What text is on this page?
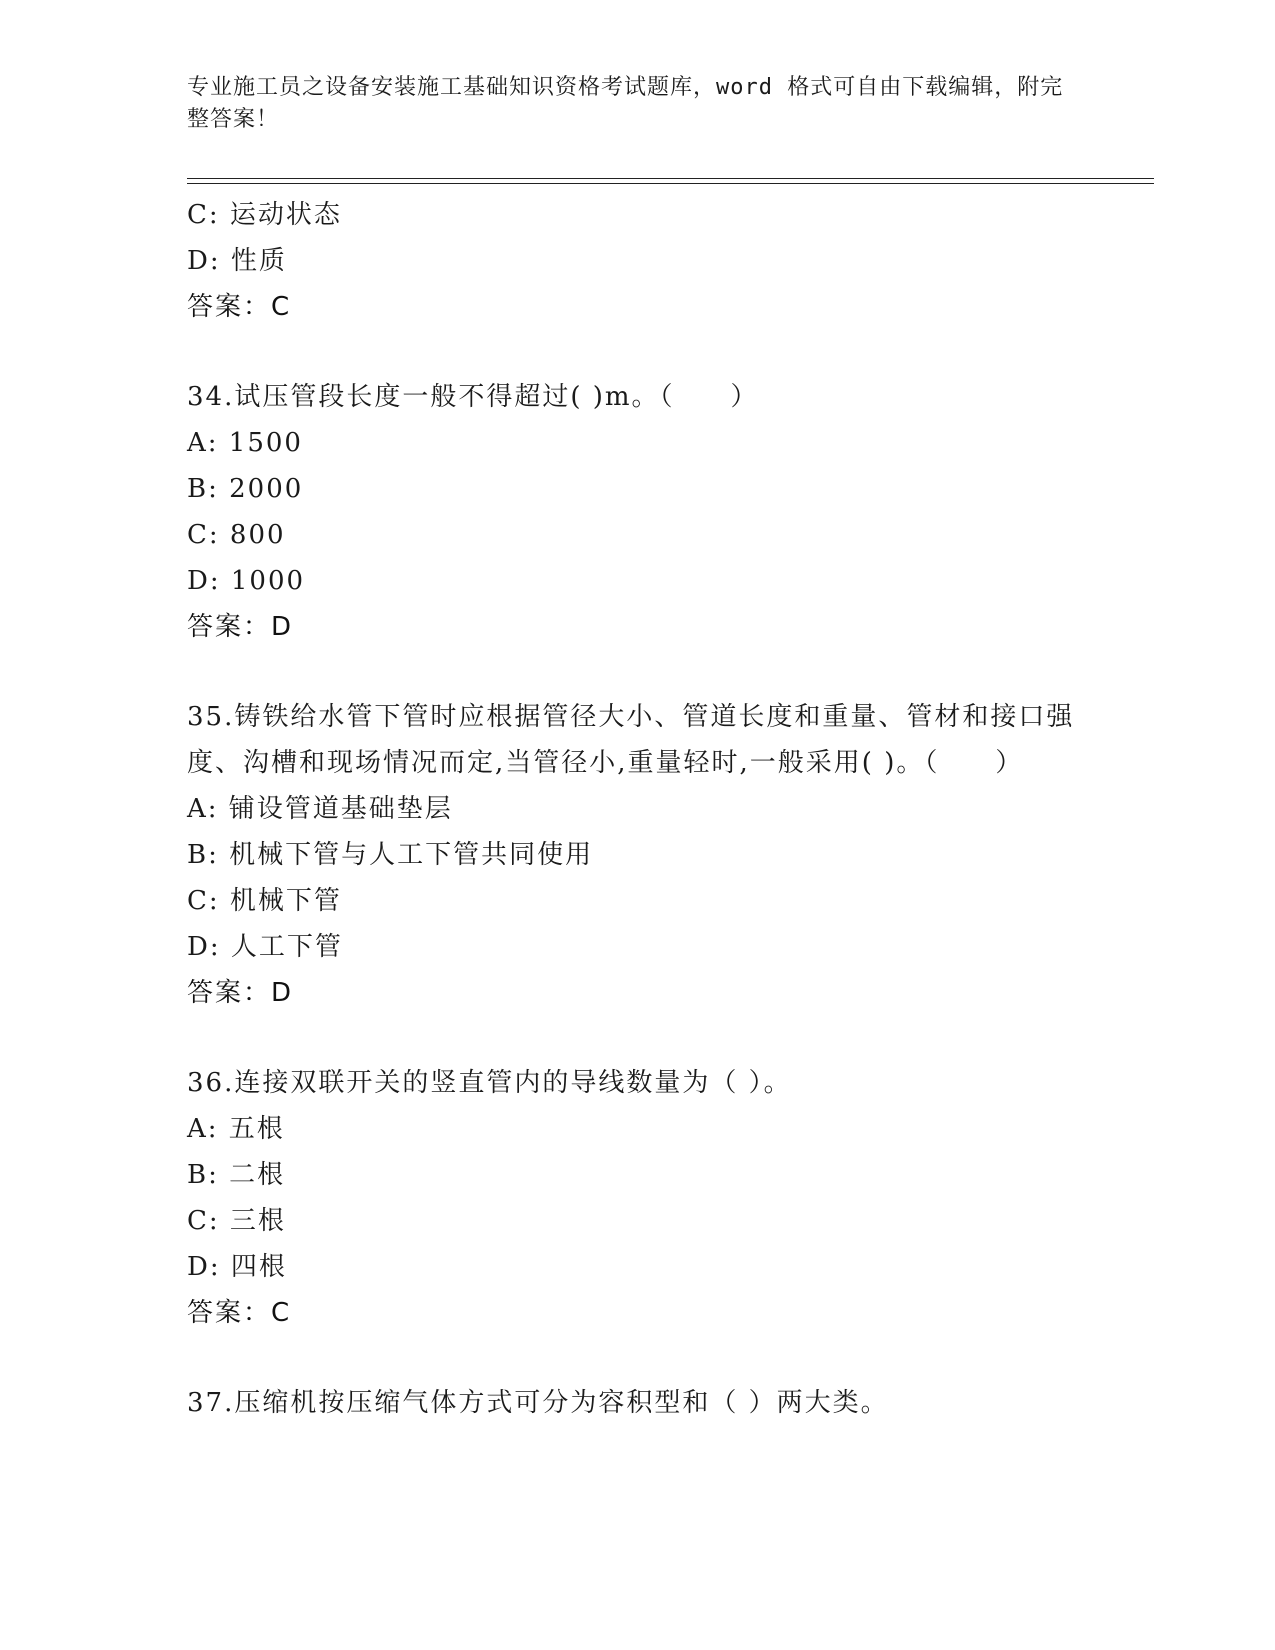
专业施工员之设备安装施工基础知识资格考试题库，word 格式可自由下载编辑，附完整答案！
C: 运动状态
D: 性质
答案：C
34.试压管段长度一般不得超过( )m。（　　）
A: 1500
B: 2000
C: 800
D: 1000
答案：D
35.铸铁给水管下管时应根据管径大小、管道长度和重量、管材和接口强度、沟槽和现场情况而定,当管径小,重量轻时,一般采用( )。（　　）
A: 铺设管道基础垫层
B: 机械下管与人工下管共同使用
C: 机械下管
D: 人工下管
答案：D
36.连接双联开关的竖直管内的导线数量为（ ）。
A: 五根
B: 二根
C: 三根
D: 四根
答案：C
37.压缩机按压缩气体方式可分为容积型和（ ）两大类。
